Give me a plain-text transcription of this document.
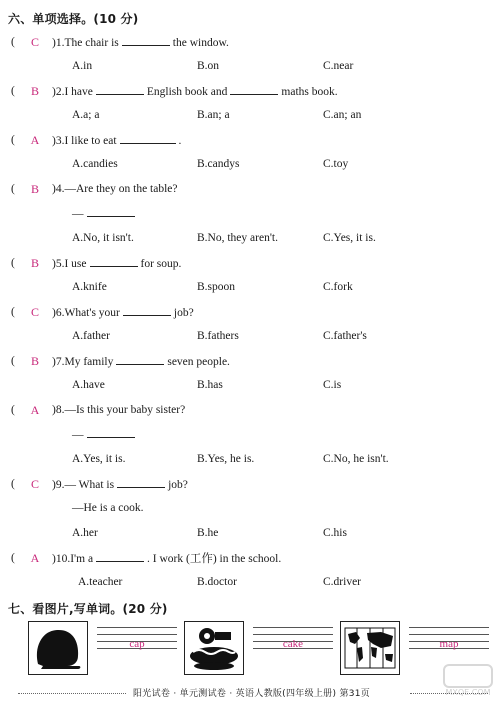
六、单项选择。(10 分)
( C )1.The chair is	the window.
A.in	B.on	C.near
( B )2.I have	English book and	maths book.
A.a; a	B.an; a	C.an; an
( A )3.I like to eat	.
A.candies	B.candys	C.toy
( B )4.—Are they on the table?
—
A.No, it isn't.	B.No, they aren't.	C.Yes, it is.
( B )5.I use	for soup.
A.knife	B.spoon	C.fork
( C )6.What's your	job?
A.father	B.fathers	C.father's
( B )7.My family	seven people.
A.have	B.has	C.is
( A )8.—Is this your baby sister?
—
A.Yes, it is.	B.Yes, he is.	C.No, he isn't.
( C )9.— What is	job?
—He is a cook.
A.her	B.he	C.his
( A )10.I'm a	. I work (工作) in the school.
A.teacher	B.doctor	C.driver
七、看图片,写单词。(20 分)
cap	cake	map
MXQE.COM
阳光试卷 · 单元测试卷 · 英语人教版(四年级上册) 第31页
